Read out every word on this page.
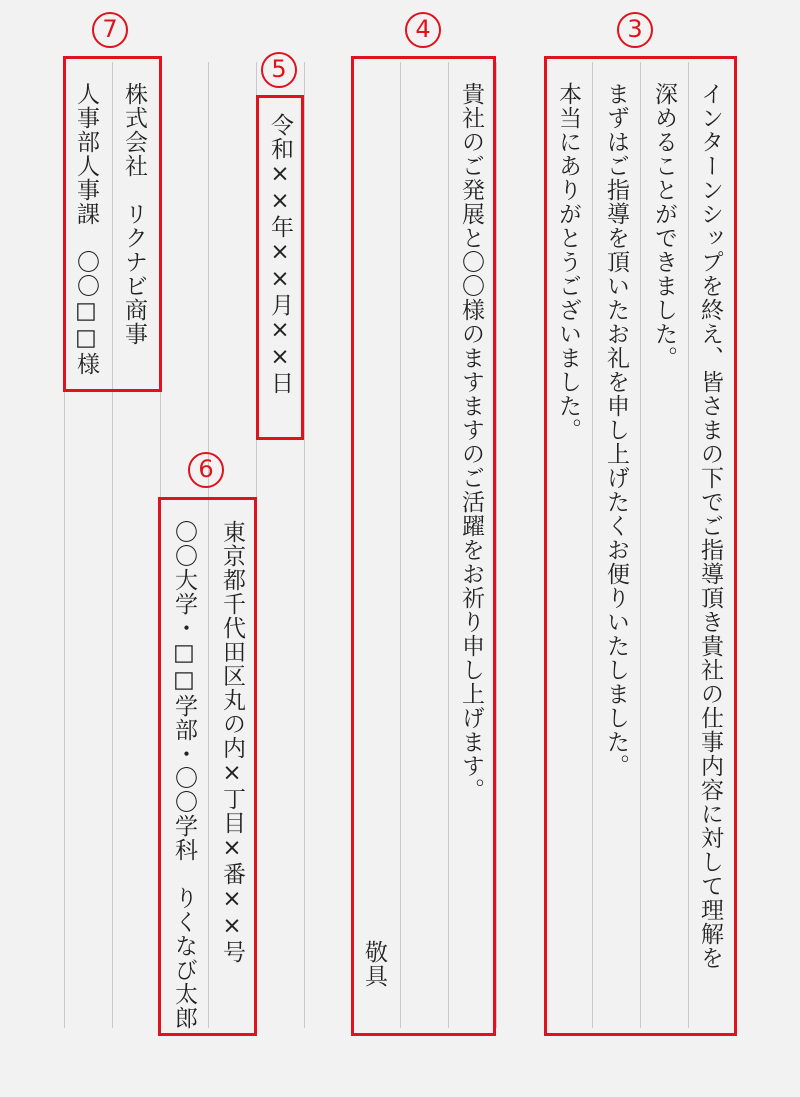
3
インターンシップを終え、皆さまの下でご指導頂き貴社の仕事内容に対して理解を
深めることができました。
まずはご指導を頂いたお礼を申し上げたくお便りいたしました。
本当にありがとうございました。
4
貴社のご発展と〇〇様のますますのご活躍をお祈り申し上げます。
敬具
5
令和××年××月××日
6
東京都千代田区丸の内×丁目×番××号
〇〇大学・□□学部・〇〇学科　りくなび太郎
7
株式会社　リクナビ商事
人事部人事課　〇〇□□様
